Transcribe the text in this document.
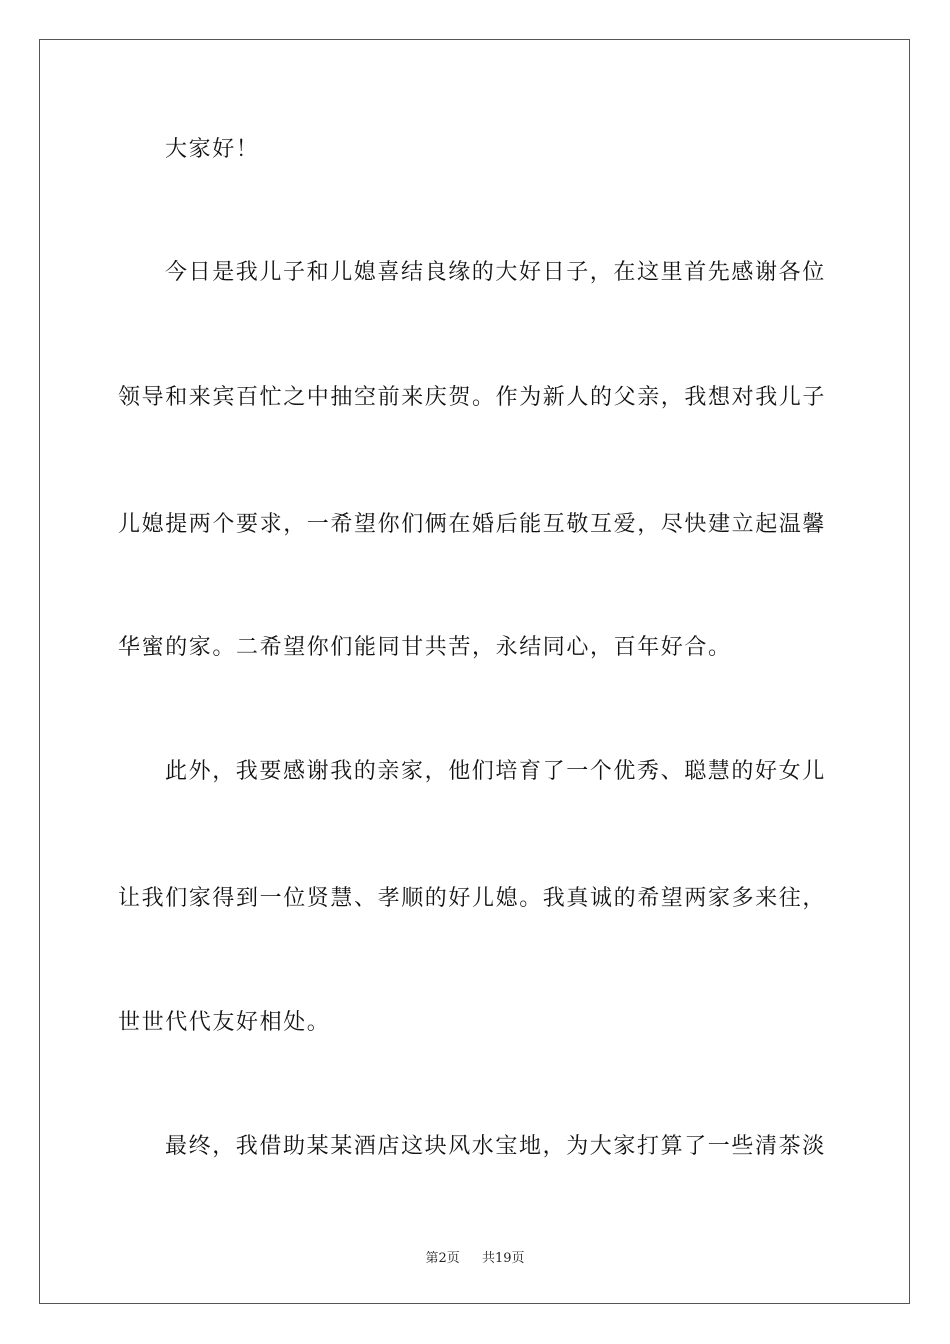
大家好！
今日是我儿子和儿媳喜结良缘的大好日子，在这里首先感谢各位
领导和来宾百忙之中抽空前来庆贺。作为新人的父亲，我想对我儿子
儿媳提两个要求，一希望你们俩在婚后能互敬互爱，尽快建立起温馨
华蜜的家。二希望你们能同甘共苦，永结同心，百年好合。
此外，我要感谢我的亲家，他们培育了一个优秀、聪慧的好女儿
让我们家得到一位贤慧、孝顺的好儿媳。我真诚的希望两家多来往，
世世代代友好相处。
最终，我借助某某酒店这块风水宝地，为大家打算了一些清茶淡
第2页 共19页
